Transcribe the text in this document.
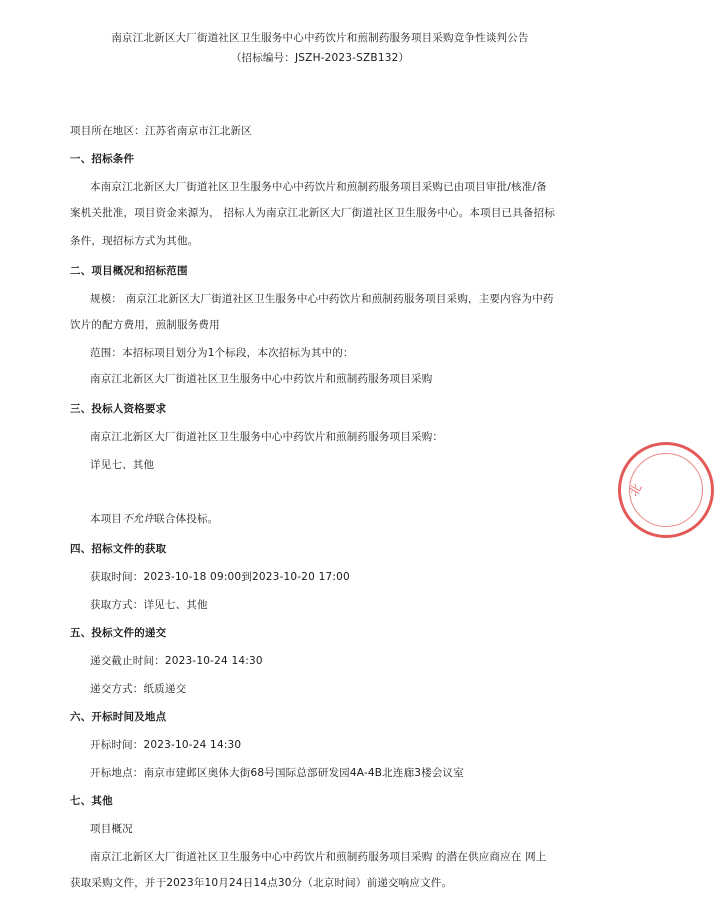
南京江北新区大厂街道社区卫生服务中心中药饮片和煎制药服务项目采购竞争性谈判公告
（招标编号：JSZH-2023-SZB132）
项目所在地区：江苏省南京市江北新区
一、招标条件
本南京江北新区大厂街道社区卫生服务中心中药饮片和煎制药服务项目采购已由项目审批/核准/备
案机关批准，项目资金来源为， 招标人为南京江北新区大厂街道社区卫生服务中心。本项目已具备招标
条件，现招标方式为其他。
二、项目概况和招标范围
规模： 南京江北新区大厂街道社区卫生服务中心中药饮片和煎制药服务项目采购，主要内容为中药
饮片的配方费用，煎制服务费用
范围：本招标项目划分为1个标段，本次招标为其中的：
南京江北新区大厂街道社区卫生服务中心中药饮片和煎制药服务项目采购
三、投标人资格要求
南京江北新区大厂街道社区卫生服务中心中药饮片和煎制药服务项目采购：
详见七、其他
本项目不允许联合体投标。
四、招标文件的获取
获取时间：2023-10-18 09:00到2023-10-20 17:00
获取方式：详见七、其他
五、投标文件的递交
递交截止时间：2023-10-24 14:30
递交方式：纸质递交
六、开标时间及地点
开标时间：2023-10-24 14:30
开标地点：南京市建邺区奥体大街68号国际总部研发园4A-4B北连廊3楼会议室
七、其他
项目概况
南京江北新区大厂街道社区卫生服务中心中药饮片和煎制药服务项目采购 的潜在供应商应在 网上
获取采购文件，并于2023年10月24日14点30分（北京时间）前递交响应文件。
北
